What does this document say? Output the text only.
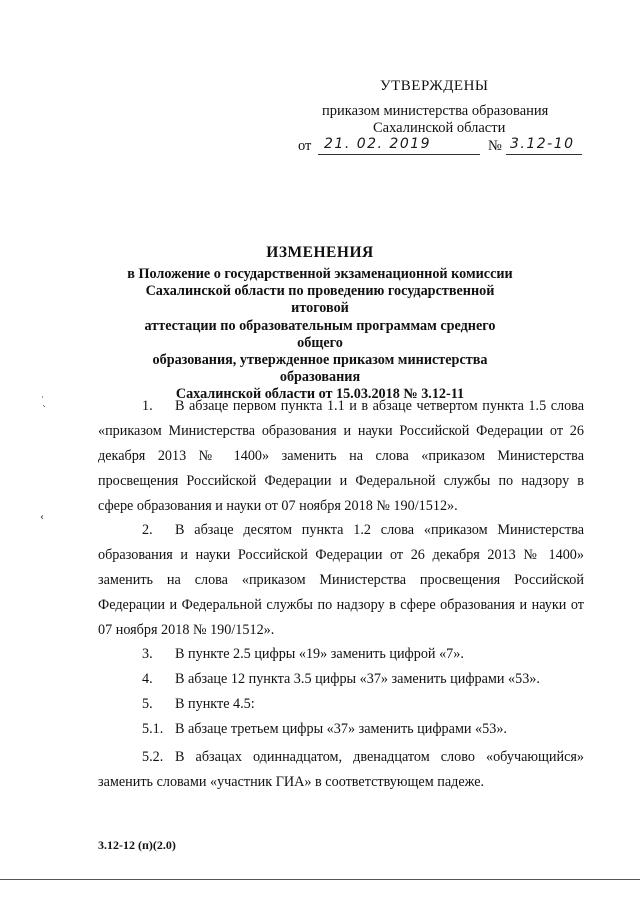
УТВЕРЖДЕНЫ
приказом министерства образования
Сахалинской области
от 21. 02. 2019	№ 3.12-10
ИЗМЕНЕНИЯ
в Положение о государственной экзаменационной комиссии
Сахалинской области по проведению государственной итоговой
аттестации по образовательным программам среднего общего
образования, утвержденное приказом министерства образования
Сахалинской области от 15.03.2018 № 3.12-11
˙
`
‹
1. В абзаце первом пункта 1.1 и в абзаце четвертом пункта 1.5 слова «приказом Министерства образования и науки Российской Федерации от 26 декабря 2013 № 1400» заменить на слова «приказом Министерства просвещения Российской Федерации и Федеральной службы по надзору в сфере образования и науки от 07 ноября 2018 № 190/1512».
2. В абзаце десятом пункта 1.2 слова «приказом Министерства образования и науки Российской Федерации от 26 декабря 2013 № 1400» заменить на слова «приказом Министерства просвещения Российской Федерации и Федеральной службы по надзору в сфере образования и науки от 07 ноября 2018 № 190/1512».
3. В пункте 2.5 цифры «19» заменить цифрой «7».
4. В абзаце 12 пункта 3.5 цифры «37» заменить цифрами «53».
5. В пункте 4.5:
5.1. В абзаце третьем цифры «37» заменить цифрами «53».
5.2. В абзацах одиннадцатом, двенадцатом слово «обучающийся» заменить словами «участник ГИА» в соответствующем падеже.
3.12-12 (п)(2.0)
